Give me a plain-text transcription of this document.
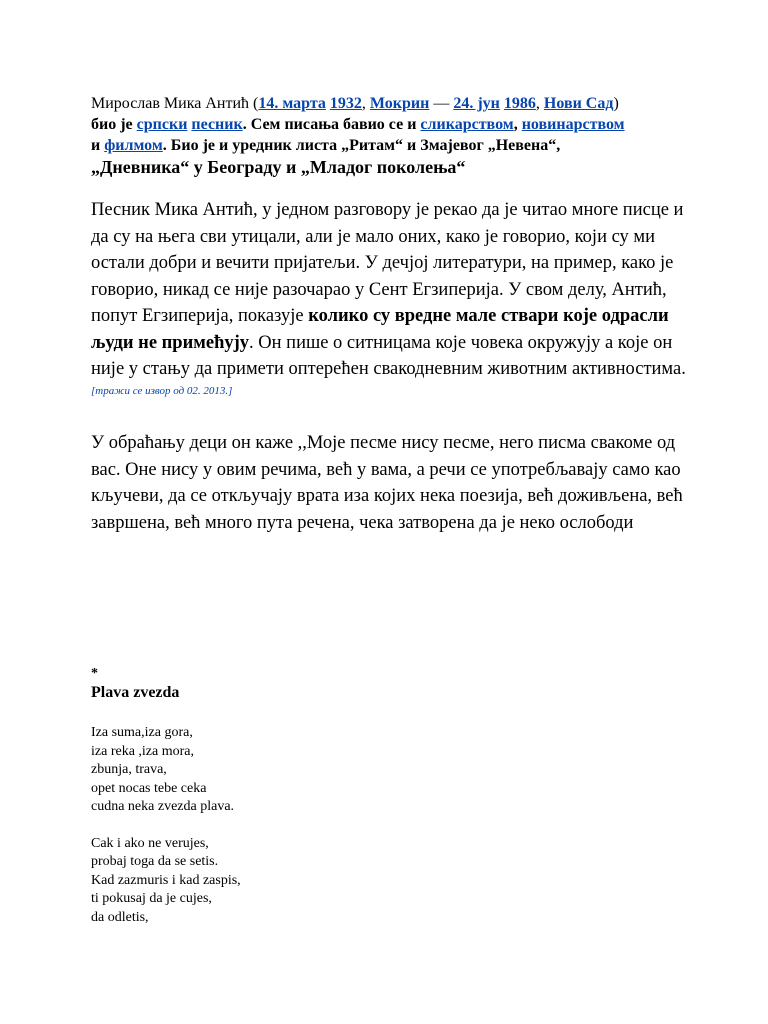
Мирослав Мика Антић (14. марта 1932, Мокрин — 24. јун 1986, Нови Сад)
био је српски песник. Сем писања бавио се и сликарством, новинарством
и филмом. Био је и уредник листа „Ритам“ и Змајевог „Невена“,
„Дневника“ у Београду и „Младог поколења“
Песник Мика Антић, у једном разговору је рекао да је читао многе писце и да су на њега сви утицали, али је мало оних, како је говорио, који су ми остали добри и вечити пријатељи. У дечјој литератури, на пример, како је говорио, никад се није разочарао у Сент Егзиперија. У свом делу, Антић, попут Егзиперија, показује колико су вредне мале ствари које одрасли људи не примећују. Он пише о ситницама које човека окружују а које он није у стању да примети оптерећен свакодневним животним активностима.[тражи се извор од 02. 2013.]
У обраћању деци он каже ,,Моје песме нису песме, него писма свакоме од вас. Оне нису у овим речима, већ у вама, а речи се употребљавају само као кључеви, да се откључају врата иза којих нека поезија, већ доживљена, већ завршена, већ много пута речена, чека затворена да је неко ослободи
*
Plava zvezda
Iza suma,iza gora,
iza reka ,iza mora,
zbunja, trava,
opet nocas tebe ceka
cudna neka zvezda plava.
Cak i ako ne verujes,
probaj toga da se setis.
Kad zazmuris i kad zaspis,
ti pokusaj da je cujes,
da odletis,
